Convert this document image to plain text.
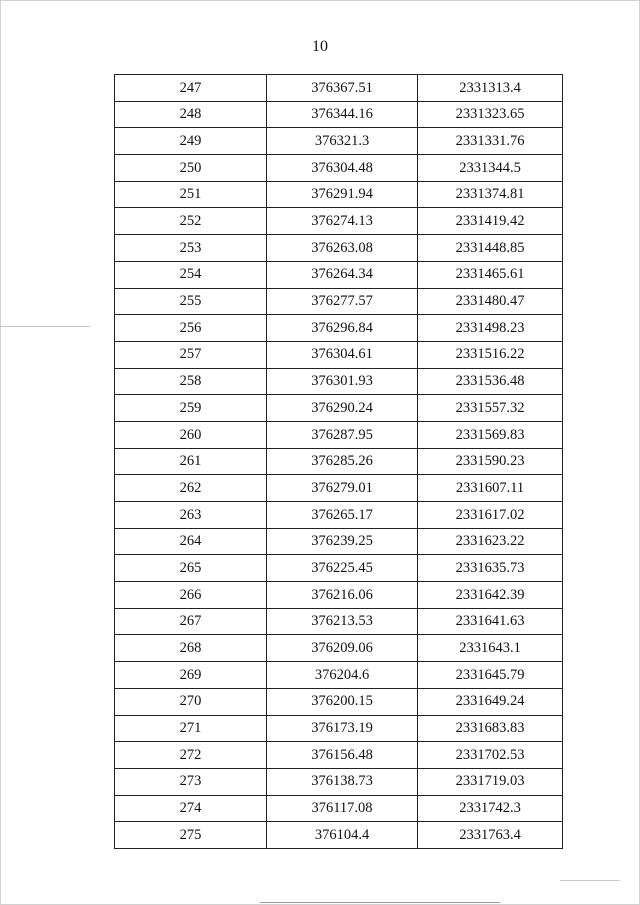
10
247	376367.51	2331313.4
248	376344.16	2331323.65
249	376321.3	2331331.76
250	376304.48	2331344.5
251	376291.94	2331374.81
252	376274.13	2331419.42
253	376263.08	2331448.85
254	376264.34	2331465.61
255	376277.57	2331480.47
256	376296.84	2331498.23
257	376304.61	2331516.22
258	376301.93	2331536.48
259	376290.24	2331557.32
260	376287.95	2331569.83
261	376285.26	2331590.23
262	376279.01	2331607.11
263	376265.17	2331617.02
264	376239.25	2331623.22
265	376225.45	2331635.73
266	376216.06	2331642.39
267	376213.53	2331641.63
268	376209.06	2331643.1
269	376204.6	2331645.79
270	376200.15	2331649.24
271	376173.19	2331683.83
272	376156.48	2331702.53
273	376138.73	2331719.03
274	376117.08	2331742.3
275	376104.4	2331763.4
